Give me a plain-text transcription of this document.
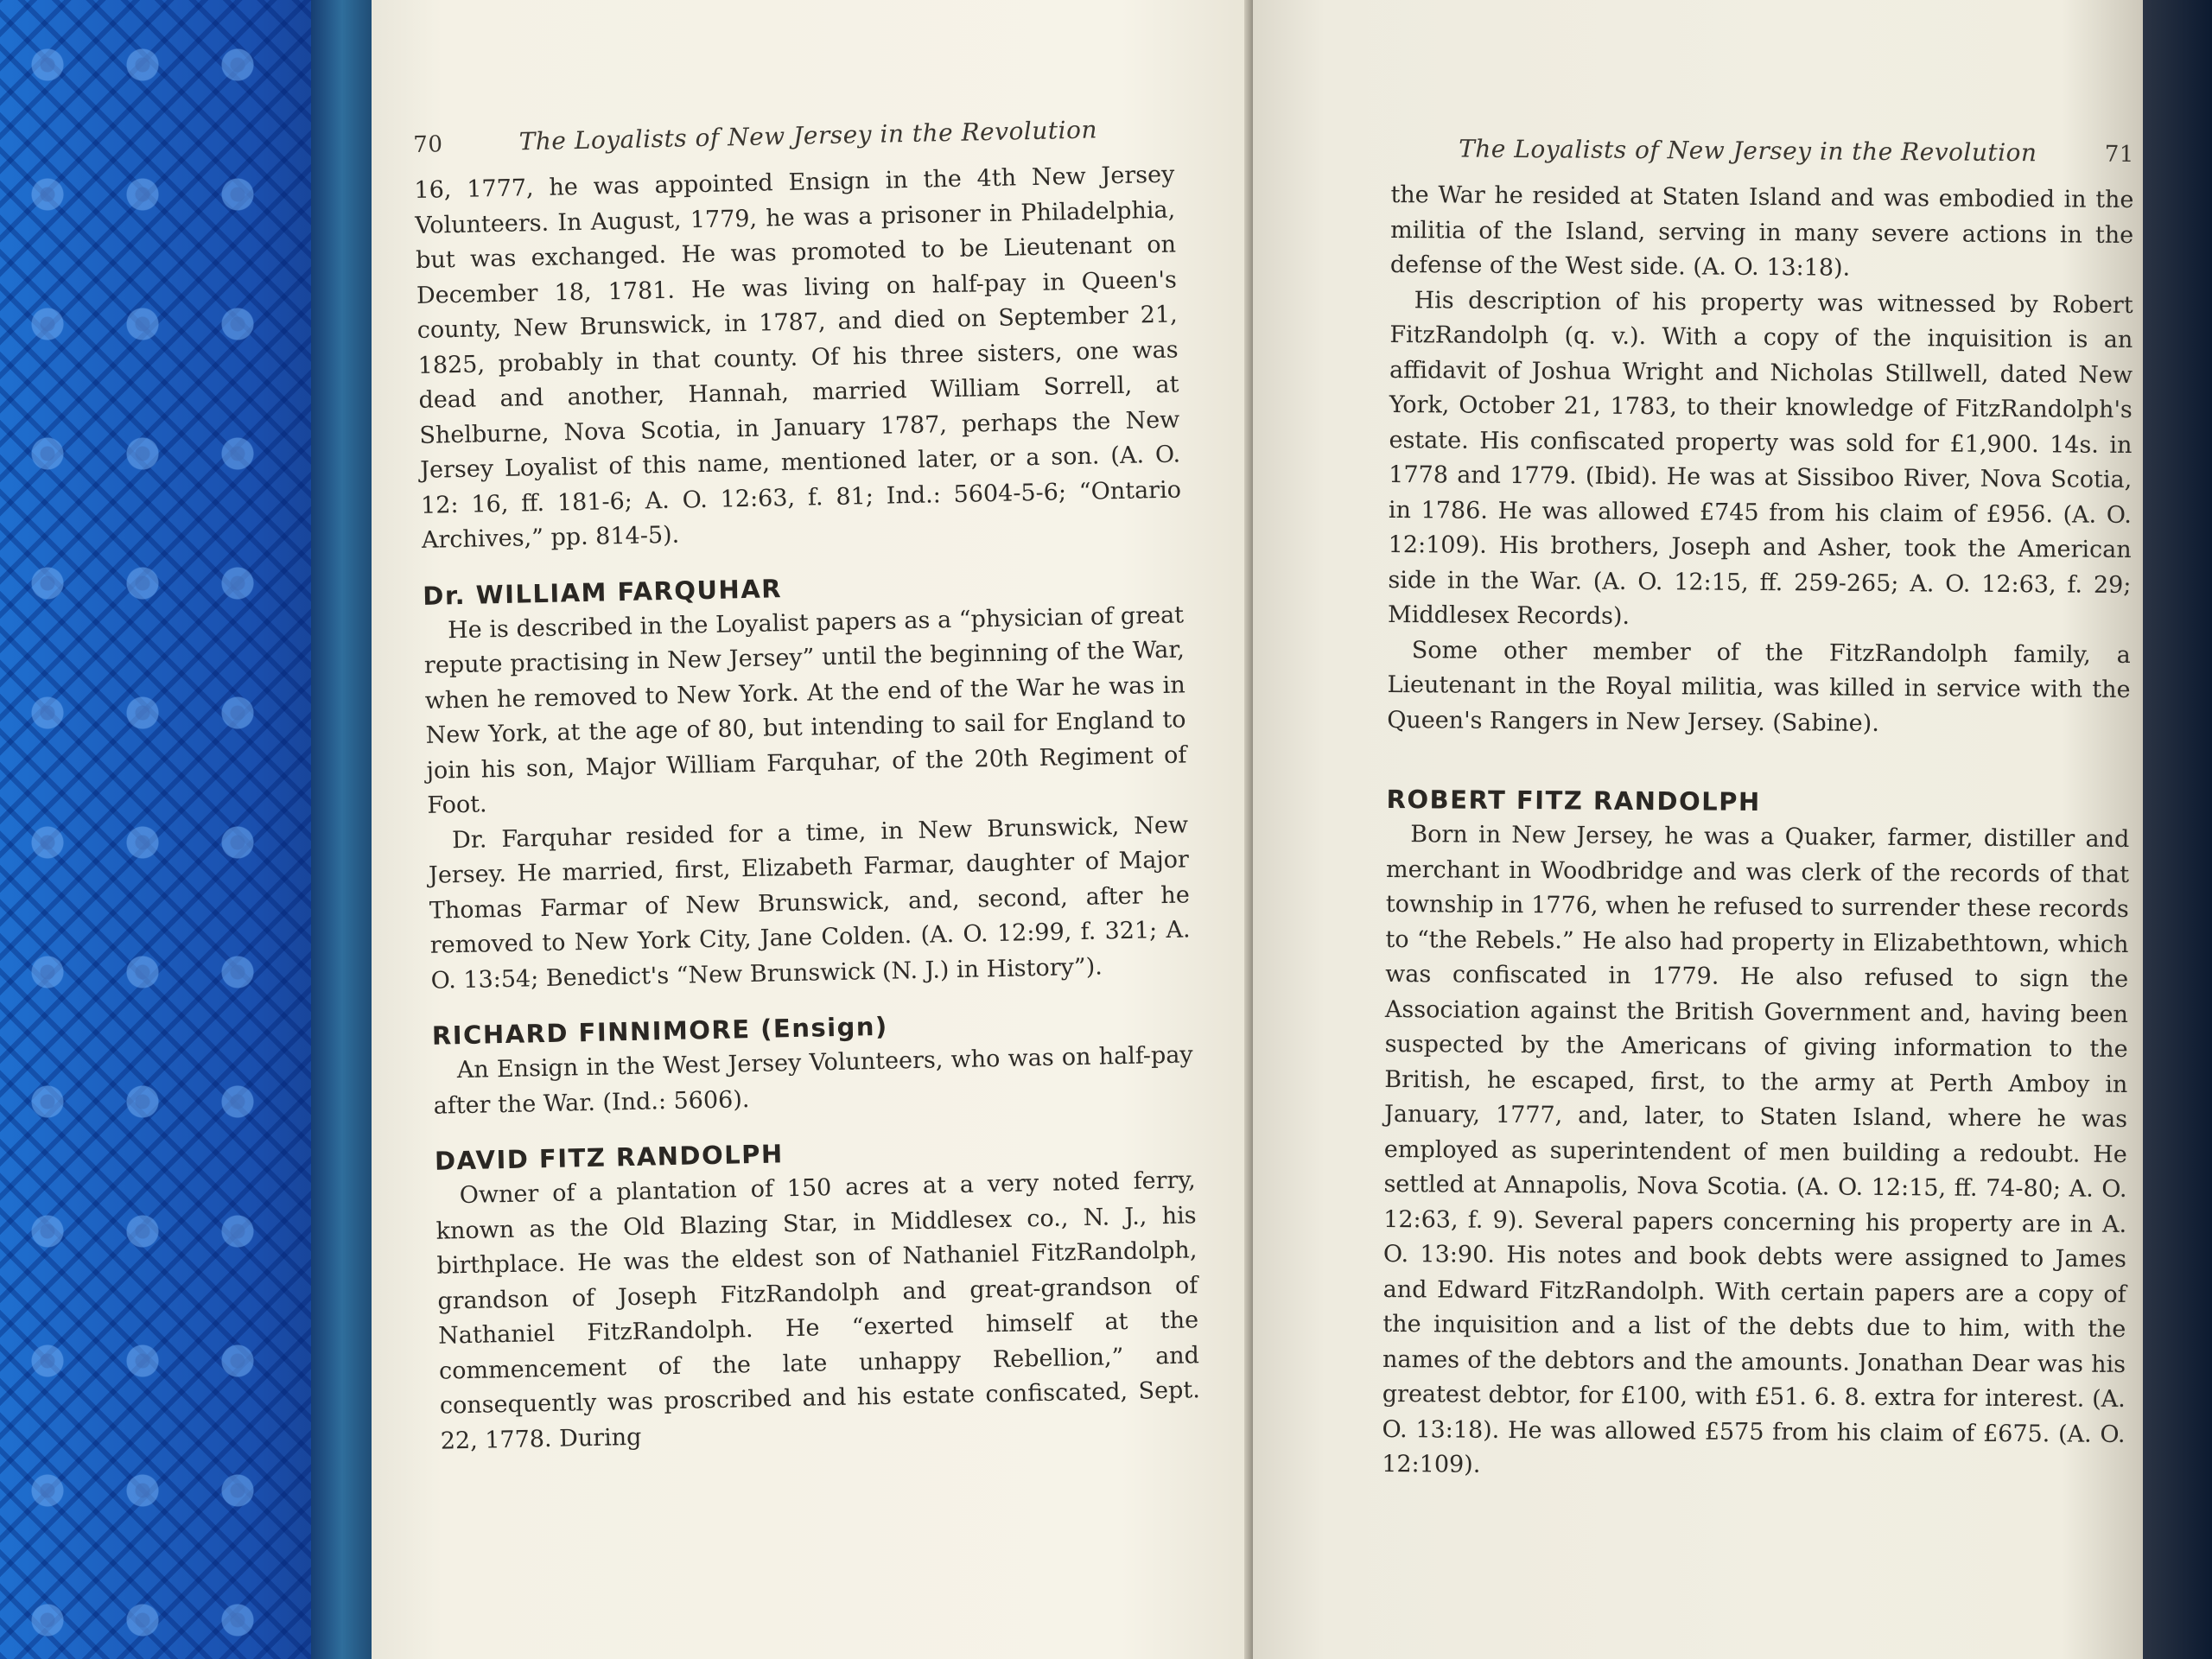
70	The Loyalists of New Jersey in the Revolution

16, 1777, he was appointed Ensign in the 4th New Jersey Volunteers. In August, 1779, he was a prisoner in Philadelphia, but was exchanged. He was promoted to be Lieutenant on December 18, 1781. He was living on half-pay in Queen's county, New Brunswick, in 1787, and died on September 21, 1825, probably in that county. Of his three sisters, one was dead and another, Hannah, married William Sorrell, at Shelburne, Nova Scotia, in January 1787, perhaps the New Jersey Loyalist of this name, mentioned later, or a son. (A. O. 12: 16, ff. 181-6; A. O. 12:63, f. 81; Ind.: 5604-5-6; “Ontario Archives,” pp. 814-5).

Dr. WILLIAM FARQUHAR

He is described in the Loyalist papers as a “physician of great repute practising in New Jersey” until the beginning of the War, when he removed to New York. At the end of the War he was in New York, at the age of 80, but intending to sail for England to join his son, Major William Farquhar, of the 20th Regiment of Foot.

Dr. Farquhar resided for a time, in New Brunswick, New Jersey. He married, first, Elizabeth Farmar, daughter of Major Thomas Farmar of New Brunswick, and, second, after he removed to New York City, Jane Colden. (A. O. 12:99, f. 321; A. O. 13:54; Benedict's “New Brunswick (N. J.) in History”).

RICHARD FINNIMORE (Ensign)

An Ensign in the West Jersey Volunteers, who was on half-pay after the War. (Ind.: 5606).

DAVID FITZ RANDOLPH

Owner of a plantation of 150 acres at a very noted ferry, known as the Old Blazing Star, in Middlesex co., N. J., his birthplace. He was the eldest son of Nathaniel FitzRandolph, grandson of Joseph FitzRandolph and great-grandson of Nathaniel FitzRandolph. He “exerted himself at the commencement of the late unhappy Rebellion,” and consequently was proscribed and his estate confiscated, Sept. 22, 1778. During

The Loyalists of New Jersey in the Revolution	71

the War he resided at Staten Island and was embodied in the militia of the Island, serving in many severe actions in the defense of the West side. (A. O. 13:18).

His description of his property was witnessed by Robert FitzRandolph (q. v.). With a copy of the inquisition is an affidavit of Joshua Wright and Nicholas Stillwell, dated New York, October 21, 1783, to their knowledge of FitzRandolph's estate. His confiscated property was sold for £1,900. 14s. in 1778 and 1779. (Ibid). He was at Sissiboo River, Nova Scotia, in 1786. He was allowed £745 from his claim of £956. (A. O. 12:109). His brothers, Joseph and Asher, took the American side in the War. (A. O. 12:15, ff. 259-265; A. O. 12:63, f. 29; Middlesex Records).

Some other member of the FitzRandolph family, a Lieutenant in the Royal militia, was killed in service with the Queen's Rangers in New Jersey. (Sabine).

ROBERT FITZ RANDOLPH

Born in New Jersey, he was a Quaker, farmer, distiller and merchant in Woodbridge and was clerk of the records of that township in 1776, when he refused to surrender these records to “the Rebels.” He also had property in Elizabethtown, which was confiscated in 1779. He also refused to sign the Association against the British Government and, having been suspected by the Americans of giving information to the British, he escaped, first, to the army at Perth Amboy in January, 1777, and, later, to Staten Island, where he was employed as superintendent of men building a redoubt. He settled at Annapolis, Nova Scotia. (A. O. 12:15, ff. 74-80; A. O. 12:63, f. 9). Several papers concerning his property are in A. O. 13:90. His notes and book debts were assigned to James and Edward FitzRandolph. With certain papers are a copy of the inquisition and a list of the debts due to him, with the names of the debtors and the amounts. Jonathan Dear was his greatest debtor, for £100, with £51. 6. 8. extra for interest. (A. O. 13:18). He was allowed £575 from his claim of £675. (A. O. 12:109).
